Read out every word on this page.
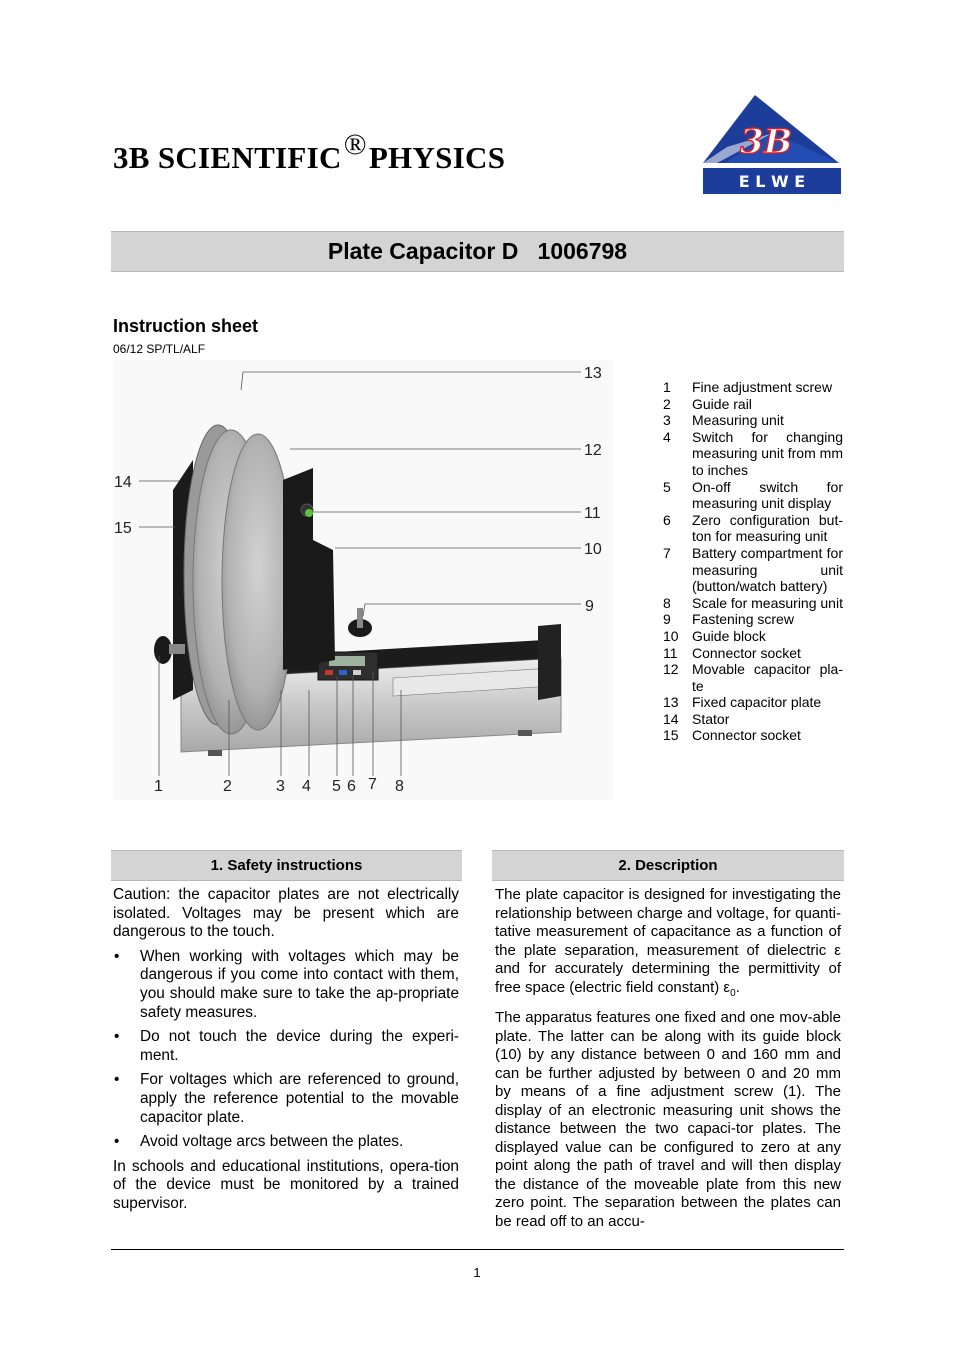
3B SCIENTIFIC®PHYSICS	3B ®
E L W E
Plate Capacitor D
1006798
Instruction sheet
06/12 SP/TL/ALF
13
12
11
10
9
14
15
1	2	3 4 5 6 7 8
1	Fine adjustment screw
2	Guide rail
3	Measuring unit
4	Switch for changing measuring unit from mm to inches
5	On-off switch for measuring unit display
6	Zero configuration but-ton for measuring unit
7	Battery compartment for measuring unit (button/watch battery)
8	Scale for measuring unit
9	Fastening screw
10 Guide block
11	Connector socket
12 Movable capacitor pla-te
13 Fixed capacitor plate
14 Stator
15 Connector socket
1. Safety instructions	2. Description

Caution: the capacitor plates are not electrically isolated. Voltages may be present which are dangerous to the touch.

• When working with voltages which may be dangerous if you come into contact with them, you should make sure to take the ap-propriate safety measures.
• Do not touch the device during the experi-ment.
• For voltages which are referenced to ground, apply the reference potential to the movable capacitor plate.
• Avoid voltage arcs between the plates.

In schools and educational institutions, opera-tion of the device must be monitored by a trained supervisor.

The plate capacitor is designed for investigating the relationship between charge and voltage, for quanti-tative measurement of capacitance as a function of the plate separation, measurement of dielectric ε and for accurately determining the permittivity of free space (electric field constant) $\varepsilon_0$.

The apparatus features one fixed and one mov-able plate. The latter can be along with its guide block (10) by any distance between 0 and 160 mm and can be further adjusted by between 0 and 20 mm by means of a fine adjustment screw (1). The display of an electronic measuring unit shows the distance between the two capaci-tor plates. The displayed value can be configured to zero at any point along the path of travel and will then display the distance of the moveable plate from this new zero point. The separation between the plates can be read off to an accu-

1
